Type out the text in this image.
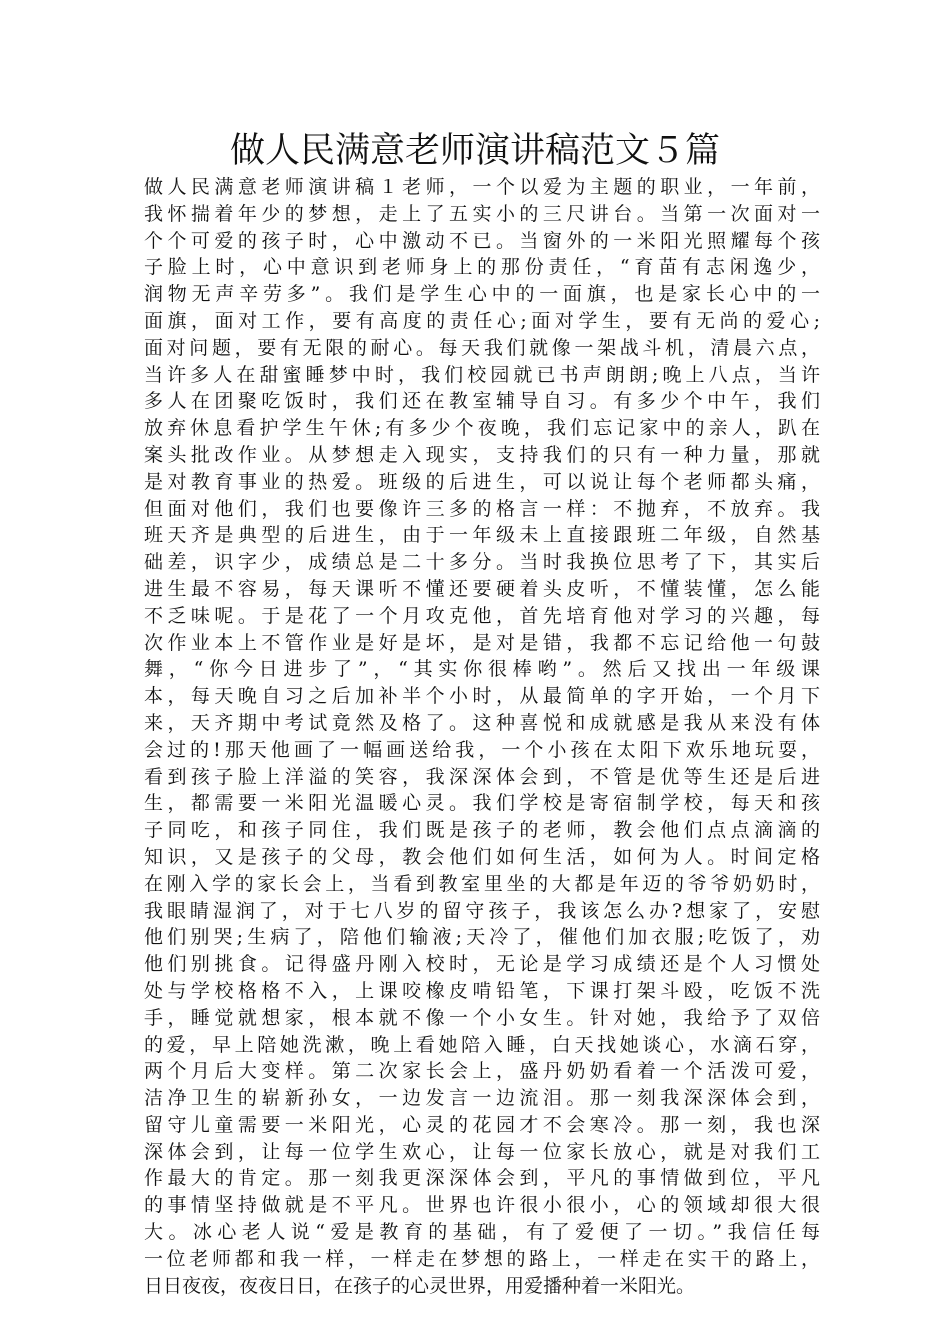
做人民满意老师演讲稿范文５篇
做人民满意老师演讲稿１老师，一个以爱为主题的职业，一年前，
我怀揣着年少的梦想，走上了五实小的三尺讲台。当第一次面对一
个个可爱的孩子时，心中激动不已。当窗外的一米阳光照耀每个孩
子脸上时，心中意识到老师身上的那份责任，“育苗有志闲逸少，
润物无声辛劳多”。我们是学生心中的一面旗，也是家长心中的一
面旗，面对工作，要有高度的责任心;面对学生，要有无尚的爱心;
面对问题，要有无限的耐心。每天我们就像一架战斗机，清晨六点，
当许多人在甜蜜睡梦中时，我们校园就已书声朗朗;晚上八点，当许
多人在团聚吃饭时，我们还在教室辅导自习。有多少个中午，我们
放弃休息看护学生午休;有多少个夜晚，我们忘记家中的亲人，趴在
案头批改作业。从梦想走入现实，支持我们的只有一种力量，那就
是对教育事业的热爱。班级的后进生，可以说让每个老师都头痛，
但面对他们，我们也要像许三多的格言一样：不抛弃，不放弃。我
班天齐是典型的后进生，由于一年级未上直接跟班二年级，自然基
础差，识字少，成绩总是二十多分。当时我换位思考了下，其实后
进生最不容易，每天课听不懂还要硬着头皮听，不懂装懂，怎么能
不乏味呢。于是花了一个月攻克他，首先培育他对学习的兴趣，每
次作业本上不管作业是好是坏，是对是错，我都不忘记给他一句鼓
舞，“你今日进步了”，“其实你很棒哟”。然后又找出一年级课
本，每天晚自习之后加补半个小时，从最简单的字开始，一个月下
来，天齐期中考试竟然及格了。这种喜悦和成就感是我从来没有体
会过的!那天他画了一幅画送给我，一个小孩在太阳下欢乐地玩耍，
看到孩子脸上洋溢的笑容，我深深体会到，不管是优等生还是后进
生，都需要一米阳光温暖心灵。我们学校是寄宿制学校，每天和孩
子同吃，和孩子同住，我们既是孩子的老师，教会他们点点滴滴的
知识，又是孩子的父母，教会他们如何生活，如何为人。时间定格
在刚入学的家长会上，当看到教室里坐的大都是年迈的爷爷奶奶时，
我眼睛湿润了，对于七八岁的留守孩子，我该怎么办?想家了，安慰
他们别哭;生病了，陪他们输液;天冷了，催他们加衣服;吃饭了，劝
他们别挑食。记得盛丹刚入校时，无论是学习成绩还是个人习惯处
处与学校格格不入，上课咬橡皮啃铅笔，下课打架斗殴，吃饭不洗
手，睡觉就想家，根本就不像一个小女生。针对她，我给予了双倍
的爱，早上陪她洗漱，晚上看她陪入睡，白天找她谈心，水滴石穿，
两个月后大变样。第二次家长会上，盛丹奶奶看着一个活泼可爱，
洁净卫生的崭新孙女，一边发言一边流泪。那一刻我深深体会到，
留守儿童需要一米阳光，心灵的花园才不会寒冷。那一刻，我也深
深体会到，让每一位学生欢心，让每一位家长放心，就是对我们工
作最大的肯定。那一刻我更深深体会到，平凡的事情做到位，平凡
的事情坚持做就是不平凡。世界也许很小很小，心的领域却很大很
大。冰心老人说“爱是教育的基础，有了爱便了一切。”我信任每
一位老师都和我一样，一样走在梦想的路上，一样走在实干的路上，
日日夜夜，夜夜日日，在孩子的心灵世界，用爱播种着一米阳光。
